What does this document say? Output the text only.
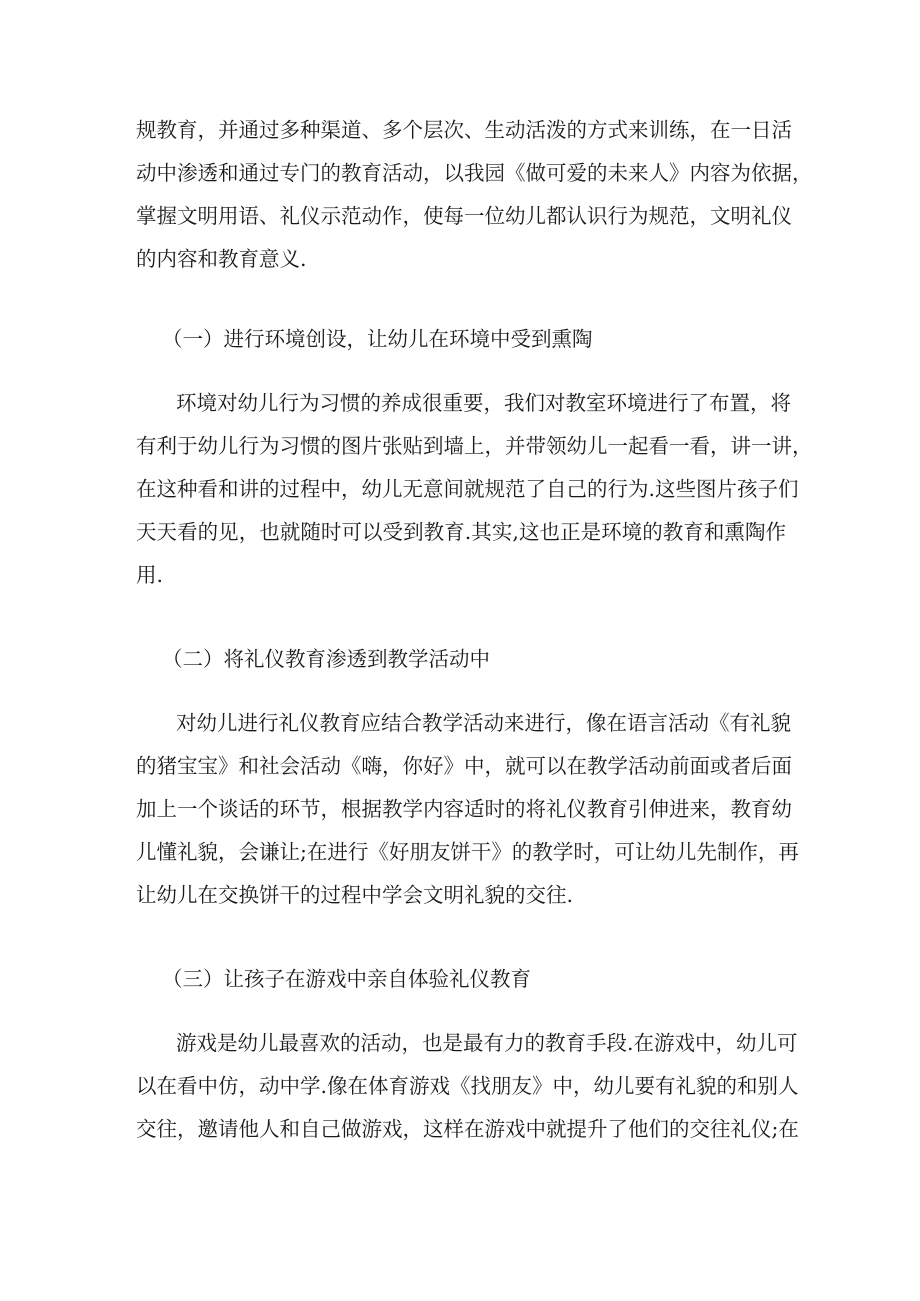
规教育，并通过多种渠道、多个层次、生动活泼的方式来训练，在一日活
动中渗透和通过专门的教育活动，以我园《做可爱的未来人》内容为依据，
掌握文明用语、礼仪示范动作，使每一位幼儿都认识行为规范，文明礼仪
的内容和教育意义.
（一）进行环境创设，让幼儿在环境中受到熏陶
环境对幼儿行为习惯的养成很重要，我们对教室环境进行了布置，将
有利于幼儿行为习惯的图片张贴到墙上，并带领幼儿一起看一看，讲一讲，
在这种看和讲的过程中，幼儿无意间就规范了自己的行为.这些图片孩子们
天天看的见，也就随时可以受到教育.其实,这也正是环境的教育和熏陶作
用.
（二）将礼仪教育渗透到教学活动中
对幼儿进行礼仪教育应结合教学活动来进行，像在语言活动《有礼貌
的猪宝宝》和社会活动《嗨，你好》中，就可以在教学活动前面或者后面
加上一个谈话的环节，根据教学内容适时的将礼仪教育引伸进来，教育幼
儿懂礼貌，会谦让;在进行《好朋友饼干》的教学时，可让幼儿先制作，再
让幼儿在交换饼干的过程中学会文明礼貌的交往.
（三）让孩子在游戏中亲自体验礼仪教育
游戏是幼儿最喜欢的活动，也是最有力的教育手段.在游戏中，幼儿可
以在看中仿，动中学.像在体育游戏《找朋友》中，幼儿要有礼貌的和别人
交往，邀请他人和自己做游戏，这样在游戏中就提升了他们的交往礼仪;在
